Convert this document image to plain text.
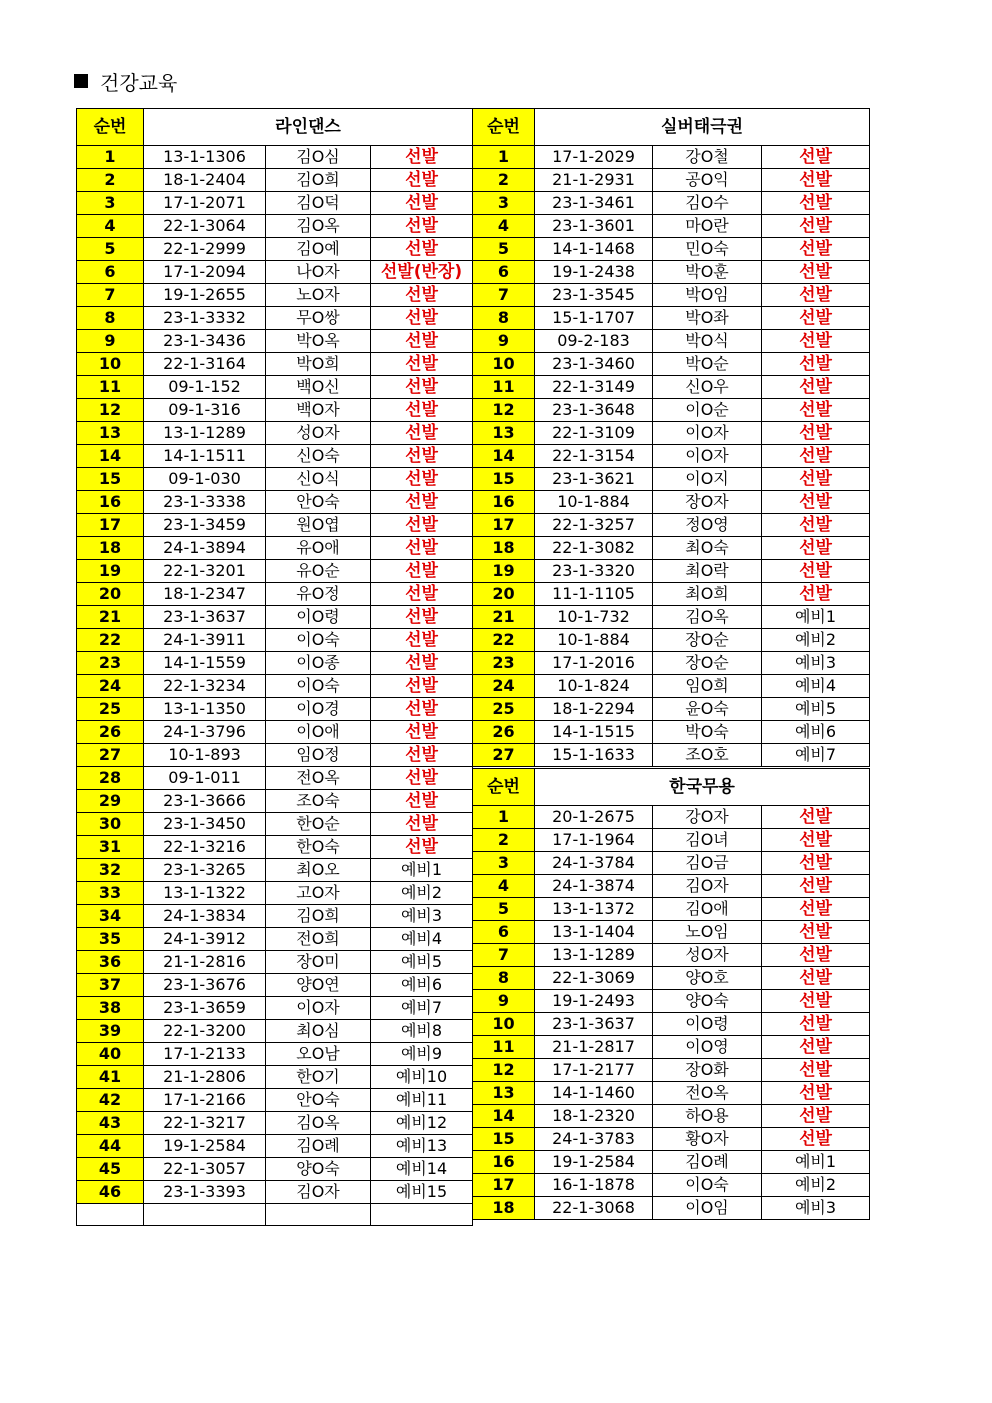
건강교육
순번	라인댄스		
1	13-1-1306	김O심	선발
2	18-1-2404	김O희	선발
3	17-1-2071	김O덕	선발
4	22-1-3064	김O옥	선발
5	22-1-2999	김O예	선발
6	17-1-2094	나O자	선발(반장)
7	19-1-2655	노O자	선발
8	23-1-3332	무O쌍	선발
9	23-1-3436	박O옥	선발
10	22-1-3164	박O희	선발
11	09-1-152	백O신	선발
12	09-1-316	백O자	선발
13	13-1-1289	성O자	선발
14	14-1-1511	신O숙	선발
15	09-1-030	신O식	선발
16	23-1-3338	안O숙	선발
17	23-1-3459	원O엽	선발
18	24-1-3894	유O애	선발
19	22-1-3201	유O순	선발
20	18-1-2347	유O정	선발
21	23-1-3637	이O령	선발
22	24-1-3911	이O숙	선발
23	14-1-1559	이O종	선발
24	22-1-3234	이O숙	선발
25	13-1-1350	이O경	선발
26	24-1-3796	이O애	선발
27	10-1-893	임O정	선발
28	09-1-011	전O옥	선발
29	23-1-3666	조O숙	선발
30	23-1-3450	한O순	선발
31	22-1-3216	한O숙	선발
32	23-1-3265	최O오	예비1
33	13-1-1322	고O자	예비2
34	24-1-3834	김O희	예비3
35	24-1-3912	전O희	예비4
36	21-1-2816	장O미	예비5
37	23-1-3676	양O연	예비6
38	23-1-3659	이O자	예비7
39	22-1-3200	최O심	예비8
40	17-1-2133	오O남	예비9
41	21-1-2806	한O기	예비10
42	17-1-2166	안O숙	예비11
43	22-1-3217	김O옥	예비12
44	19-1-2584	김O례	예비13
45	22-1-3057	양O숙	예비14
46	23-1-3393	김O자	예비15

순번	실버태극권		
1	17-1-2029	강O철	선발
2	21-1-2931	공O익	선발
3	23-1-3461	김O수	선발
4	23-1-3601	마O란	선발
5	14-1-1468	민O숙	선발
6	19-1-2438	박O훈	선발
7	23-1-3545	박O임	선발
8	15-1-1707	박O좌	선발
9	09-2-183	박O식	선발
10	23-1-3460	박O순	선발
11	22-1-3149	신O우	선발
12	23-1-3648	이O순	선발
13	22-1-3109	이O자	선발
14	22-1-3154	이O자	선발
15	23-1-3621	이O지	선발
16	10-1-884	장O자	선발
17	22-1-3257	정O영	선발
18	22-1-3082	최O숙	선발
19	23-1-3320	최O락	선발
20	11-1-1105	최O희	선발
21	10-1-732	김O옥	예비1
22	10-1-884	장O순	예비2
23	17-1-2016	장O순	예비3
24	10-1-824	임O희	예비4
25	18-1-2294	윤O숙	예비5
26	14-1-1515	박O숙	예비6
27	15-1-1633	조O호	예비7
순번	한국무용		
1	20-1-2675	강O자	선발
2	17-1-1964	김O녀	선발
3	24-1-3784	김O금	선발
4	24-1-3874	김O자	선발
5	13-1-1372	김O애	선발
6	13-1-1404	노O임	선발
7	13-1-1289	성O자	선발
8	22-1-3069	양O호	선발
9	19-1-2493	양O숙	선발
10	23-1-3637	이O령	선발
11	21-1-2817	이O영	선발
12	17-1-2177	장O화	선발
13	14-1-1460	전O옥	선발
14	18-1-2320	하O용	선발
15	24-1-3783	황O자	선발
16	19-1-2584	김O례	예비1
17	16-1-1878	이O숙	예비2
18	22-1-3068	이O임	예비3
